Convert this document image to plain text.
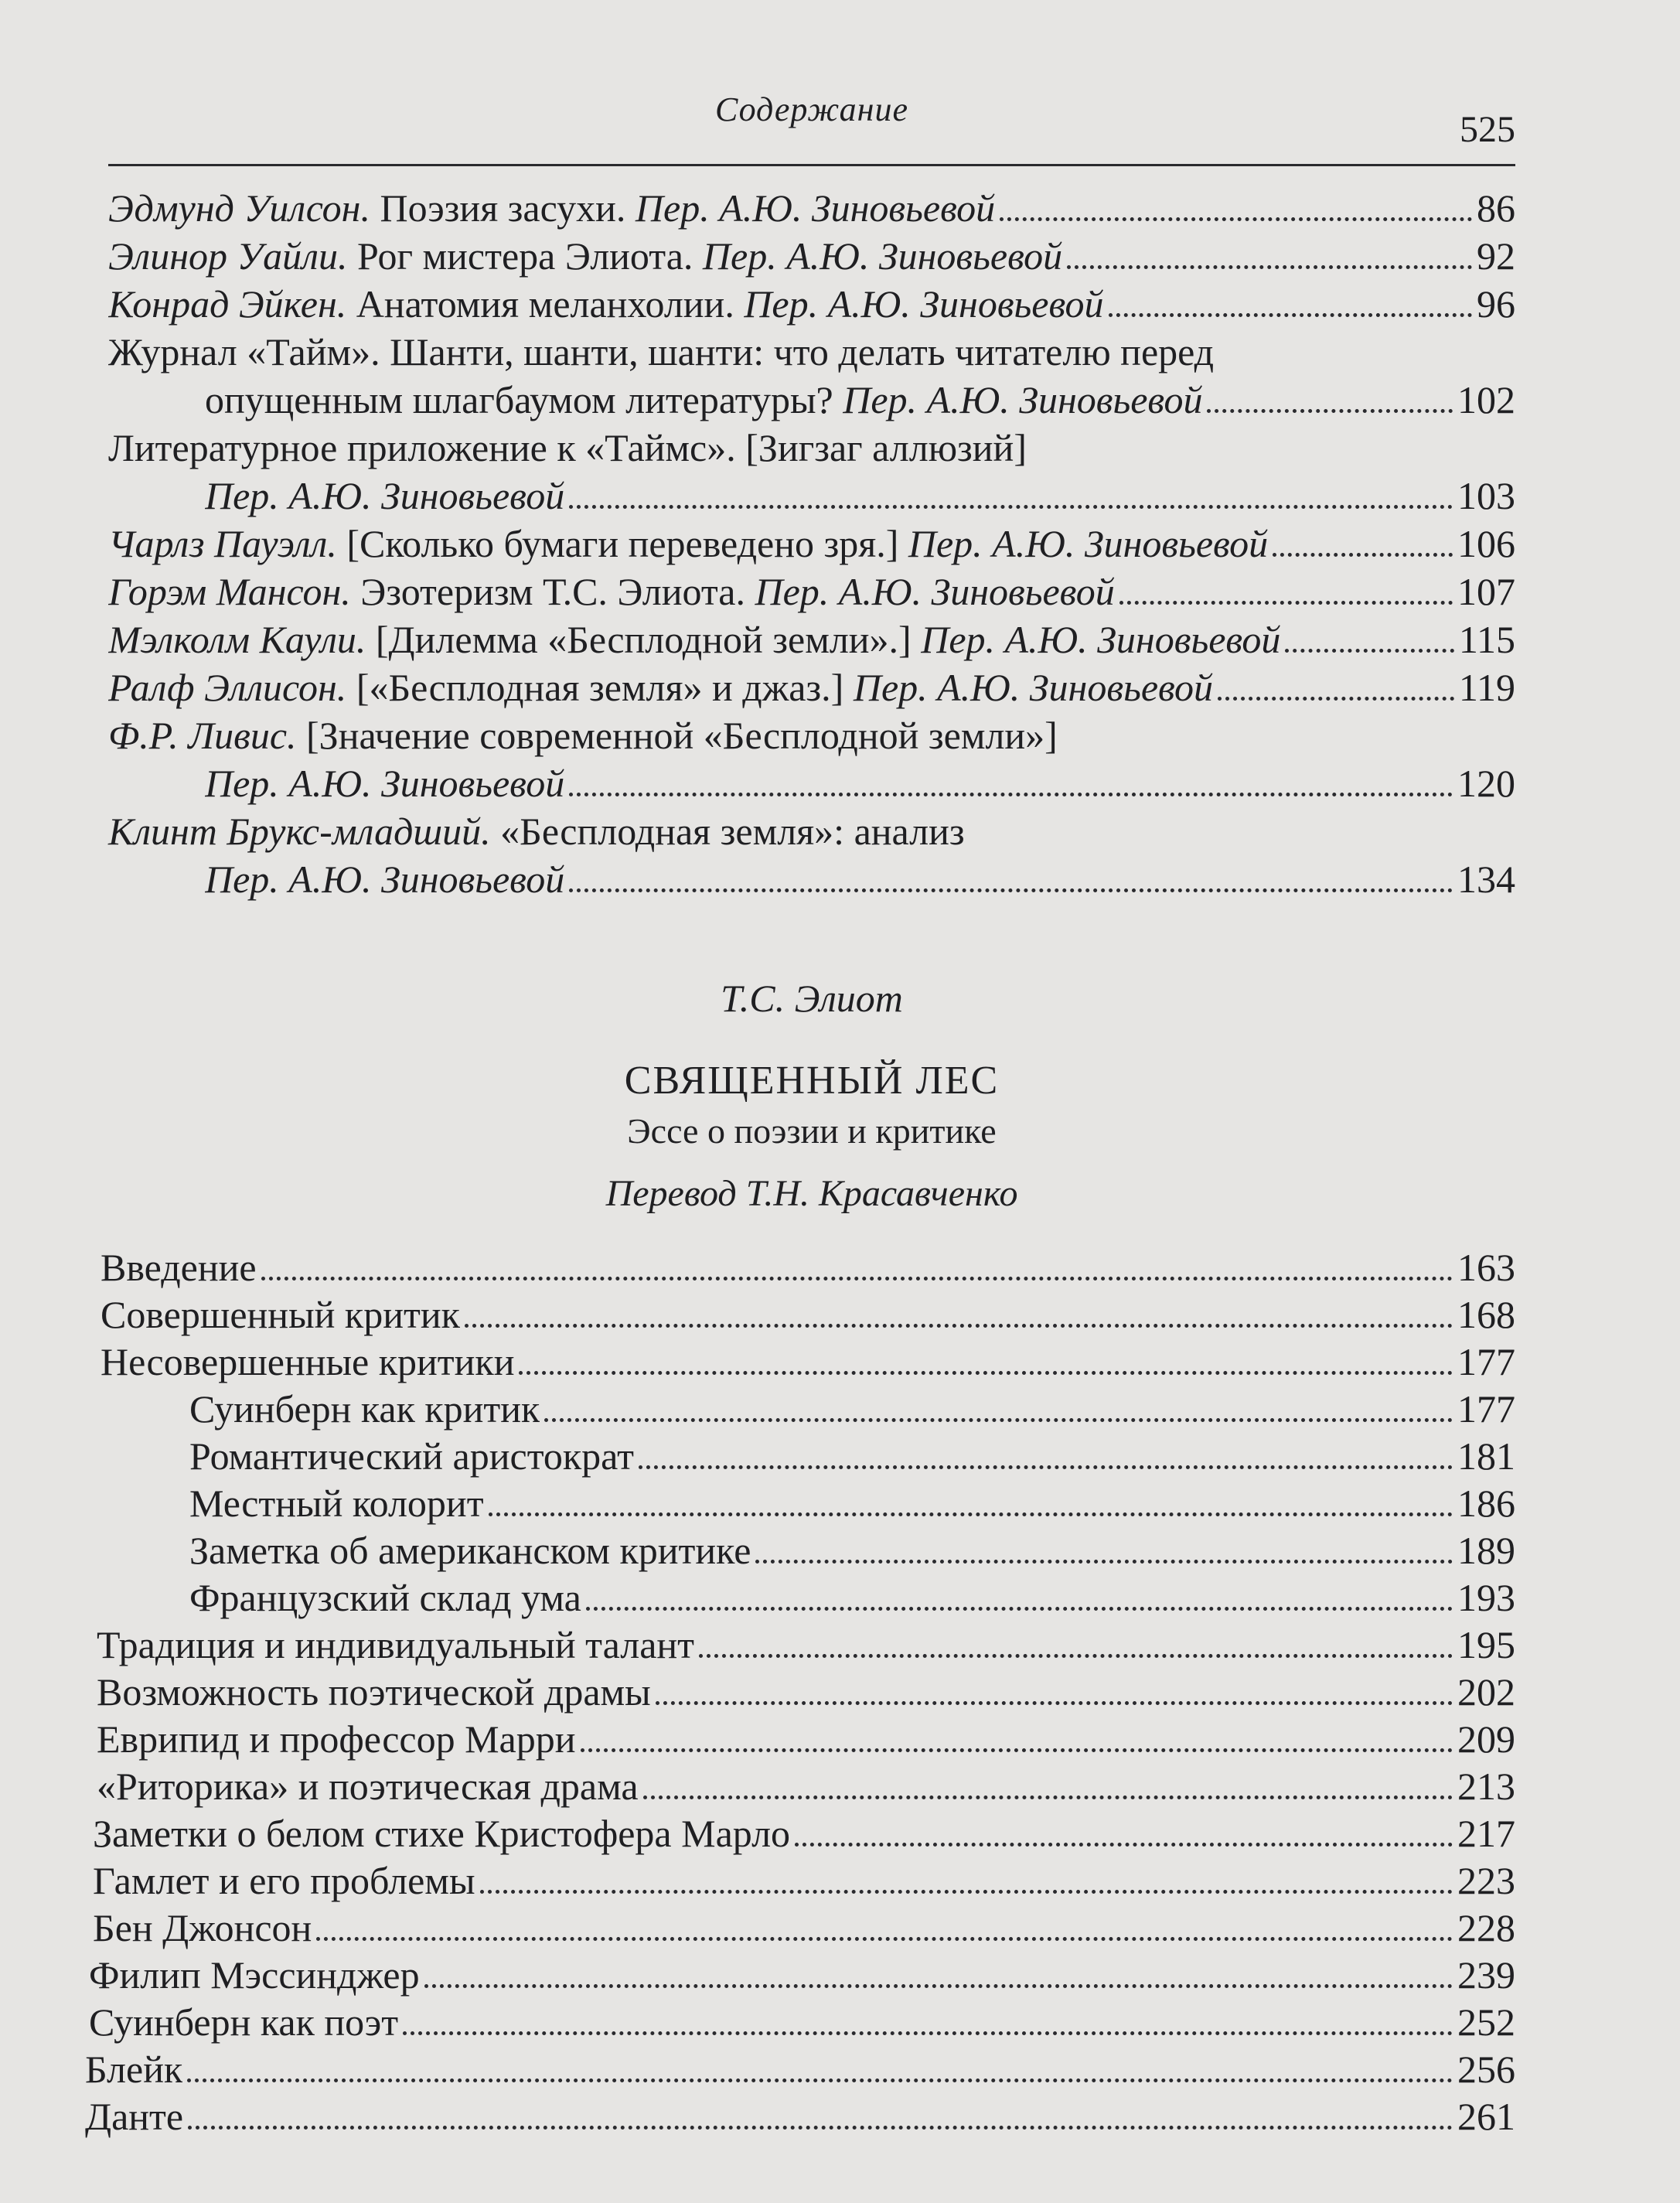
Содержание	525
Эдмунд Уилсон. Поэзия засухи. Пер. А.Ю. Зиновьевой	86
Элинор Уайли. Рог мистера Элиота. Пер. А.Ю. Зиновьевой	92
Конрад Эйкен. Анатомия меланхолии. Пер. А.Ю. Зиновьевой	96
Журнал «Тайм». Шанти, шанти, шанти: что делать читателю перед
опущенным шлагбаумом литературы? Пер. А.Ю. Зиновьевой	102
Литературное приложение к «Таймс». [Зигзаг аллюзий]
Пер. А.Ю. Зиновьевой	103
Чарлз Пауэлл. [Сколько бумаги переведено зря.] Пер. А.Ю. Зиновьевой	106
Горэм Мансон. Эзотеризм Т.С. Элиота. Пер. А.Ю. Зиновьевой	107
Мэлколм Каули. [Дилемма «Бесплодной земли».] Пер. А.Ю. Зиновьевой	115
Ралф Эллисон. [«Бесплодная земля» и джаз.] Пер. А.Ю. Зиновьевой	119
Ф.Р. Ливис. [Значение современной «Бесплодной земли»]
Пер. А.Ю. Зиновьевой	120
Клинт Брукс-младший. «Бесплодная земля»: анализ
Пер. А.Ю. Зиновьевой	134
Т.С. Элиот
СВЯЩЕННЫЙ ЛЕС
Эссе о поэзии и критике
Перевод Т.Н. Красавченко
Введение	163
Совершенный критик	168
Несовершенные критики	177
Суинберн как критик	177
Романтический аристократ	181
Местный колорит	186
Заметка об американском критике	189
Французский склад ума	193
Традиция и индивидуальный талант	195
Возможность поэтической драмы	202
Еврипид и профессор Марри	209
«Риторика» и поэтическая драма	213
Заметки о белом стихе Кристофера Марло	217
Гамлет и его проблемы	223
Бен Джонсон	228
Филип Мэссинджер	239
Суинберн как поэт	252
Блейк	256
Данте	261
